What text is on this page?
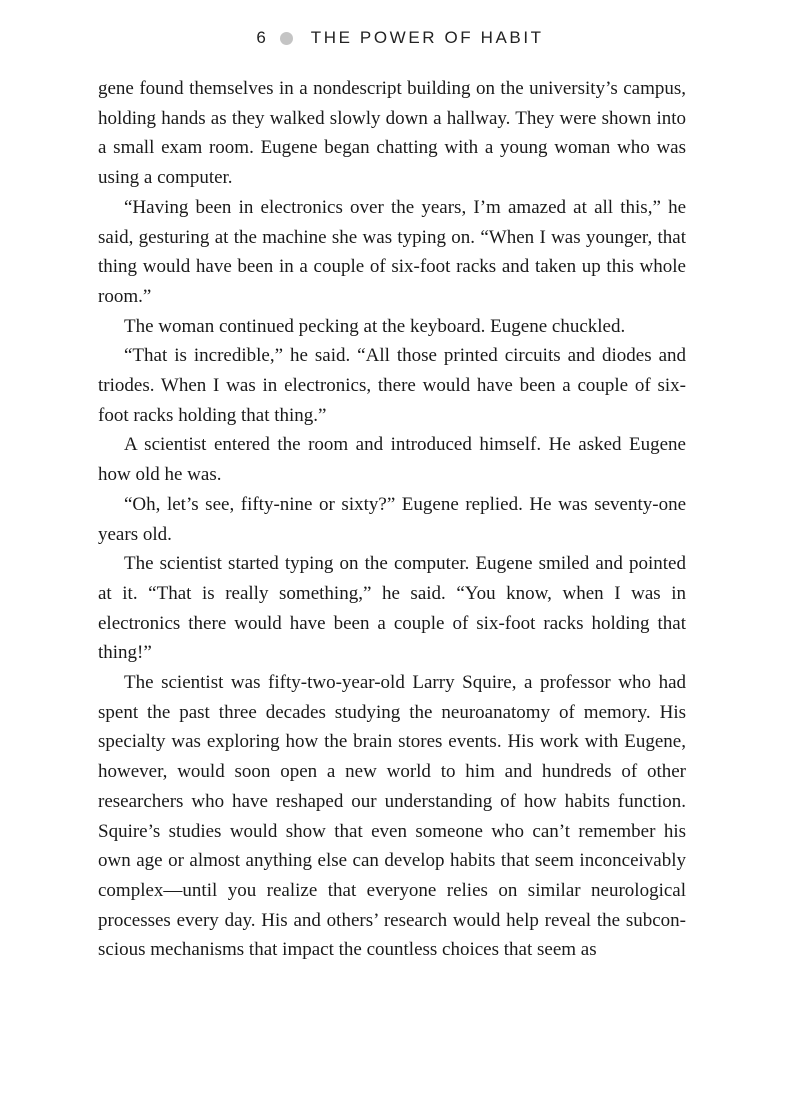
6	THE POWER OF HABIT

gene found themselves in a nondescript building on the university’s campus, holding hands as they walked slowly down a hallway. They were shown into a small exam room. Eugene began chatting with a young woman who was using a computer.

“Having been in electronics over the years, I’m amazed at all this,” he said, gesturing at the machine she was typing on. “When I was younger, that thing would have been in a couple of six-foot racks and taken up this whole room.”

The woman continued pecking at the keyboard. Eugene chuckled.

“That is incredible,” he said. “All those printed circuits and diodes and triodes. When I was in electronics, there would have been a couple of six-foot racks holding that thing.”

A scientist entered the room and introduced himself. He asked Eugene how old he was.

“Oh, let’s see, fifty-nine or sixty?” Eugene replied. He was seventy-one years old.

The scientist started typing on the computer. Eugene smiled and pointed at it. “That is really something,” he said. “You know, when I was in electronics there would have been a couple of six-foot racks holding that thing!”

The scientist was fifty-two-year-old Larry Squire, a professor who had spent the past three decades studying the neuroanatomy of memory. His specialty was exploring how the brain stores events. His work with Eugene, however, would soon open a new world to him and hundreds of other researchers who have reshaped our understanding of how habits function. Squire’s studies would show that even someone who can’t remember his own age or almost anything else can develop habits that seem inconceivably complex—until you realize that everyone relies on similar neurological processes every day. His and others’ research would help reveal the subconscious mechanisms that impact the countless choices that seem as
